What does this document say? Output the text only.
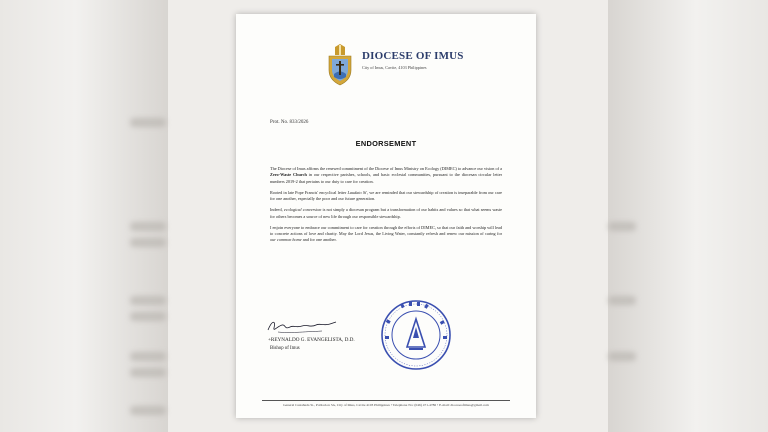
DIOCESE OF IMUS
City of Imus, Cavite, 4103 Philippines
Prot. No. 833/2026
ENDORSEMENT

The Diocese of Imus affirms the renewed commitment of the Diocese of Imus Ministry on Ecology (DIMEC) to advance our vision of a Zero-Waste Church in our respective parishes, schools, and basic ecclesial communities, pursuant to the diocesan circular letter numbers 2019-2 that pertains to our duty to care for creation.

Rooted in late Pope Francis' encyclical letter Laudato Si', we are reminded that our stewardship of creation is inseparable from our care for one another, especially the poor and our future generation.

Indeed, ecological conversion is not simply a diocesan program but a transformation of our habits and values so that what seems waste for others becomes a source of new life through our responsible stewardship.

I enjoin everyone to embrace our commitment to care for creation through the efforts of DIMEC, so that our faith and worship will lead to concrete actions of love and charity. May the Lord Jesus, the Living Water, constantly refresh and renew our mission of caring for our common home and for one another.

+REYNALDO G. EVANGELISTA, D.D.
Bishop of Imus
General Castañeda St., Poblacion 3A, City of Imus, Cavite 4103 Philippines • Telephone No: (046) 471-4786 • E-mail: dioceseofimus@gmail.com
